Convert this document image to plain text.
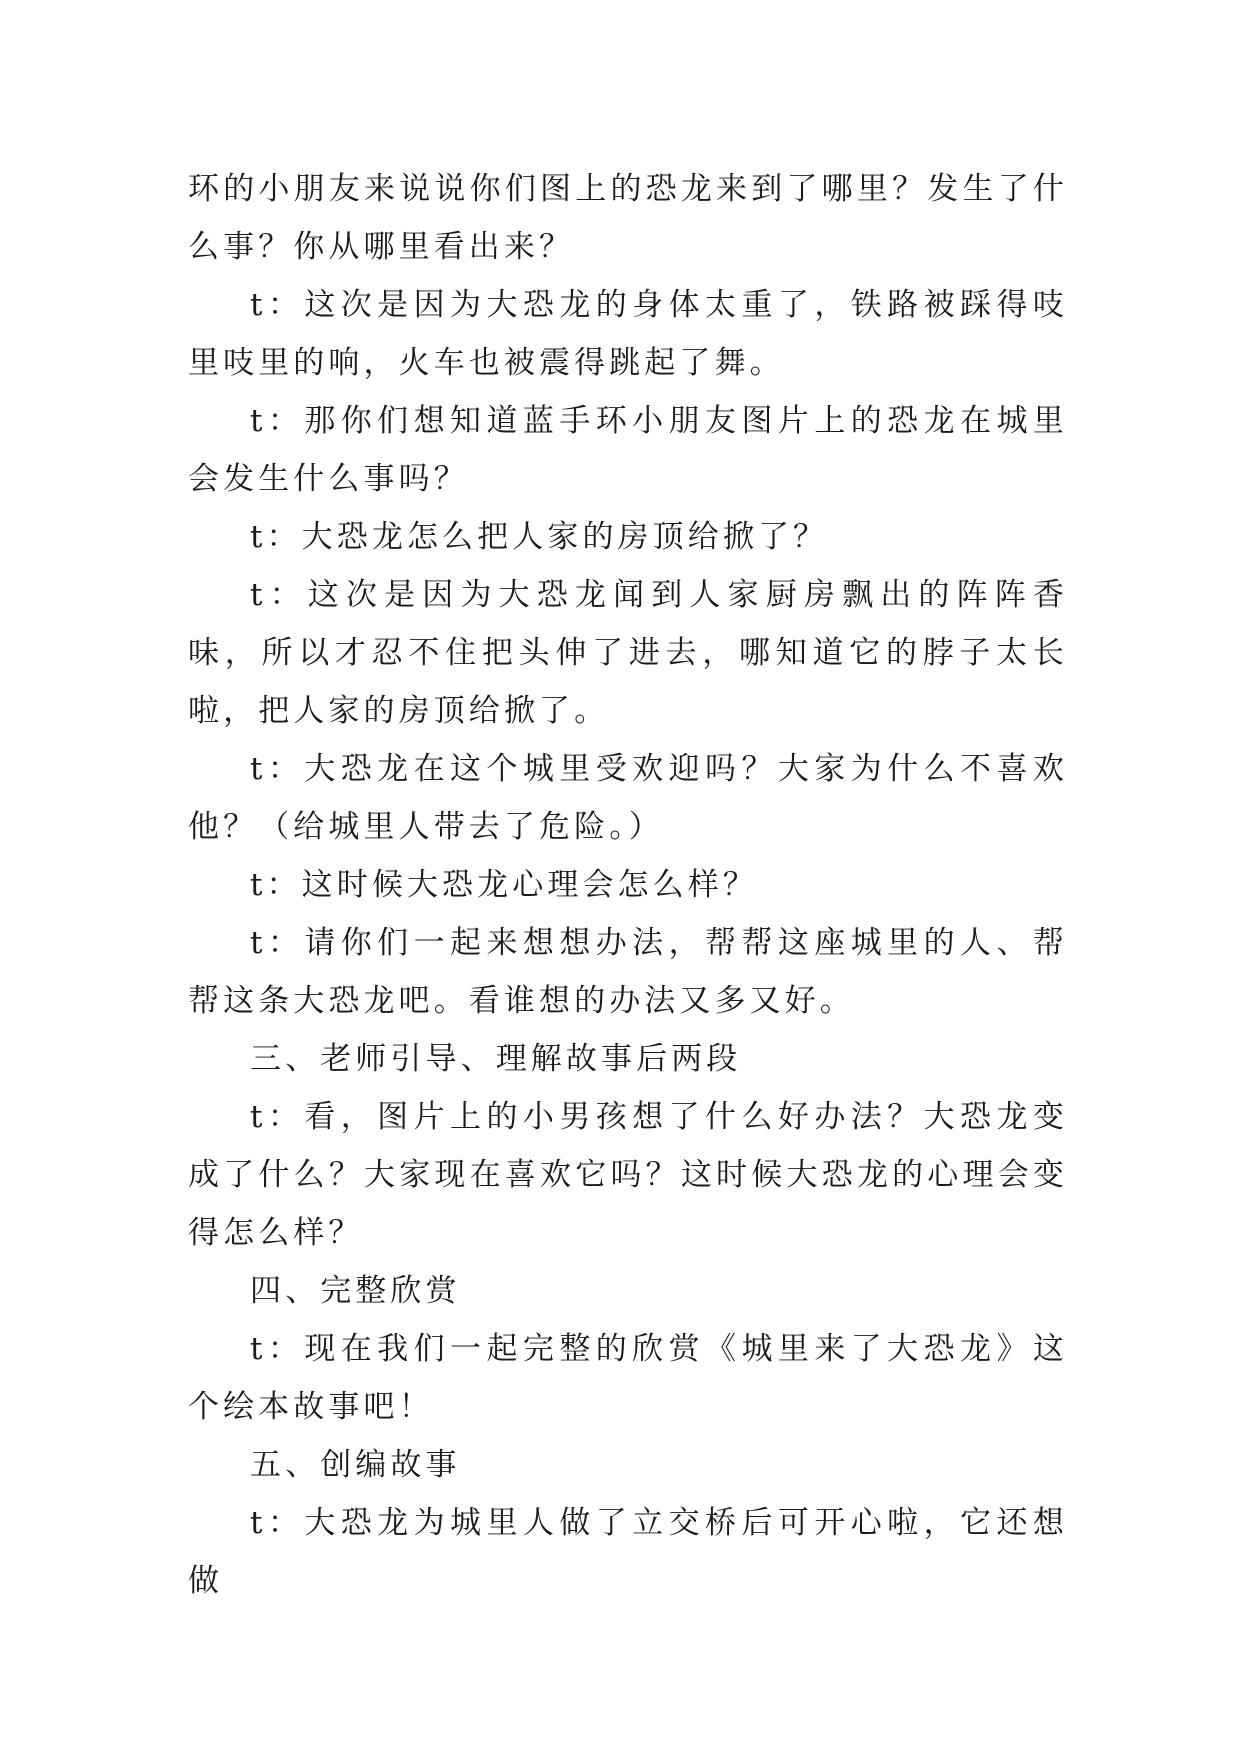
环的小朋友来说说你们图上的恐龙来到了哪里？发生了什么事？你从哪里看出来？

t：这次是因为大恐龙的身体太重了，铁路被踩得吱里吱里的响，火车也被震得跳起了舞。

t：那你们想知道蓝手环小朋友图片上的恐龙在城里会发生什么事吗？

t：大恐龙怎么把人家的房顶给掀了？

t：这次是因为大恐龙闻到人家厨房飘出的阵阵香味，所以才忍不住把头伸了进去，哪知道它的脖子太长啦，把人家的房顶给掀了。

t：大恐龙在这个城里受欢迎吗？大家为什么不喜欢他？（给城里人带去了危险。）

t：这时候大恐龙心理会怎么样？

t：请你们一起来想想办法，帮帮这座城里的人、帮帮这条大恐龙吧。看谁想的办法又多又好。

三、老师引导、理解故事后两段

t：看，图片上的小男孩想了什么好办法？大恐龙变成了什么？大家现在喜欢它吗？这时候大恐龙的心理会变得怎么样？

四、完整欣赏

t：现在我们一起完整的欣赏《城里来了大恐龙》这个绘本故事吧！

五、创编故事

t：大恐龙为城里人做了立交桥后可开心啦，它还想做
